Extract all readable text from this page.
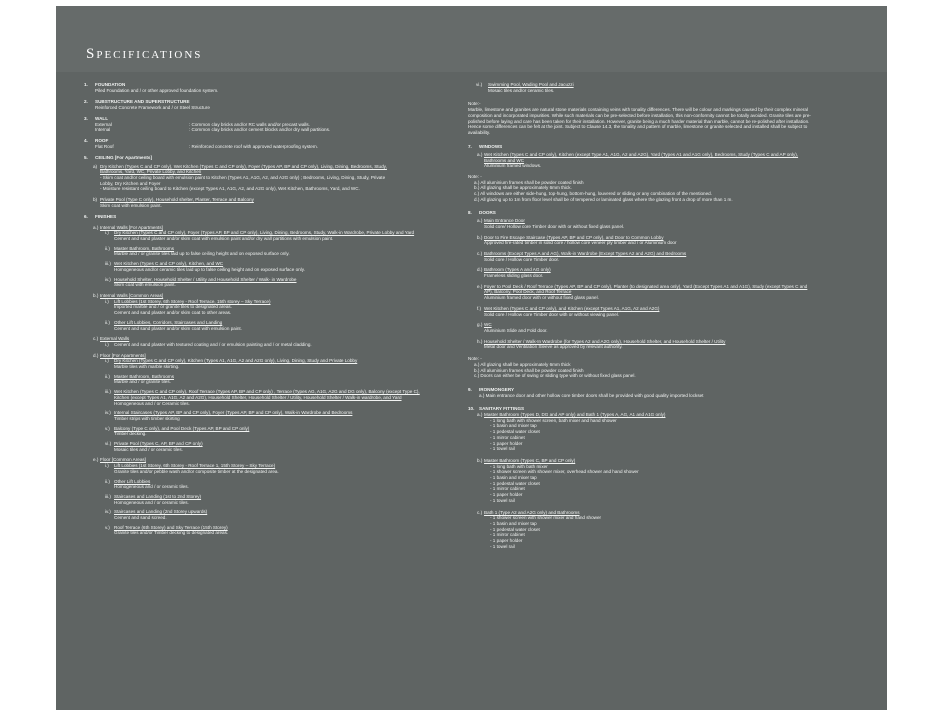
Specifications
1. FOUNDATION
Piled Foundation and / or other approved foundation system.
2. SUBSTRUCTURE AND SUPERSTRUCTURE
Reinforced Concrete Framework and / or Steel Structure
3. WALL
External	: Common clay bricks and/or RC walls and/or precast walls.
Internal	: Common clay bricks and/or cement blocks and/or dry wall partitions.
4. ROOF
Flat Roof	: Reinforced concrete roof with approved waterproofing system.
5. CEILING [For Apartments]
a) Dry Kitchen (Types C and CP only), Wet Kitchen (Types C and CP only), Foyer (Types AP, BP and CP only), Living, Dining, Bedrooms, Study,
Bathrooms, Yard, WC, Private Lobby, and Kitchen
- Skim coat and/or ceiling board with emulsion paint to Kitchen (Types A1, A1G, A2, and A2G only) ; Bedrooms, Living, Dining, Study, Private
Lobby, Dry Kitchen and Foyer
- Moisture resistant ceiling board to Kitchen (except Types A1, A1G, A2, and A2G only), Wet Kitchen, Bathrooms, Yard, and WC.
b) Private Pool (Type C only), Household shelter, Planter, Terrace and Balcony
Skim coat with emulsion paint.
6. FINISHES
a.) Internal Walls [For Apartments]
i.) Dry Kitchen (Types C and CP only), Foyer (Types AP, BP and CP only), Living, Dining, Bedrooms, Study, Walk-in Wardrobe, Private Lobby and Yard
Cement and sand plaster and/or skim coat with emulsion paint and/or dry wall partitions with emulsion paint.
ii.) Master Bathroom, Bathrooms
Marble and / or granite tiles laid up to false ceiling height and on exposed surface only.
iii.) Wet Kitchen (Types C and CP only), Kitchen, and WC
Homogeneous and/or ceramic tiles laid up to false ceiling height and on exposed surface only.
iv.) Household Shelter, Household Shelter / Utility and Household Shelter / Walk- in Wardrobe
Skim coat with emulsion paint.
b.) Internal Walls [Common Areas]
i.) Lift Lobbies (1st Storey, 6th Storey - Roof Terrace, 15th storey – Sky Terrace)
Imported marble and / or granite tiles to designated areas.
Cement and sand plaster and/or skim coat to other areas.
ii.) Other Lift Lobbies, Corridors, Staircases and Landing
Cement and sand plaster and/or skim coat with emulsion paint.
c.) External Walls
i.) Cement and sand plaster with textured coating and / or emulsion painting and / or metal cladding.
d.) Floor [For Apartments]
i.) Dry Kitchen (Types C and CP only), Kitchen (Types A1, A1G, A2 and A2G only), Living, Dining, Study and Private Lobby
Marble tiles with marble skirting.
ii.) Master Bathroom, Bathrooms
Marble and / or granite tiles.
iii.) Wet Kitchen (Types C and CP only), Roof Terrace (Types AP, BP and CP only) , Terrace (Types AG, A1G, A2G and DG only), Balcony (except Type C),
Kitchen (except Types A1, A1G, A2 and A2G), Household Shelter, Household Shelter / Utility, Household Shelter / Walk-in wardrobe, and Yard
Homogeneous and / or Ceramic tiles.
iv.) Internal Staircases (Types AP, BP and CP only), Foyer (Types AP, BP and CP only), Walk-in Wardrobe and Bedrooms
Timber strips with timber skirting
v.) Balcony (Type C only), and Pool Deck (Types AP, BP and CP only)
Timber decking.
vi.) Private Pool (Types C, AP, BP and CP only)
Mosaic tiles and / or ceramic tiles.
e.) Floor [Common Areas]
i.) Lift Lobbies (1st Storey, 6th Storey - Roof Terrace 1, 15th Storey – Sky Terrace)
Granite tiles and/or pebble wash and/or composite timber at the designated area.
ii.) Other Lift Lobbies
Homogeneous and / or ceramic tiles.
iii.) Staircases and Landing (1st to 2nd Storey)
Homogeneous and / or ceramic tiles.
iv.) Staircases and Landing (2nd Storey upwards)
Cement and sand screed.
v.) Roof Terrace (6th Storey) and Sky Terrace (15th Storey)
Granite tiles and/or Timber decking to designated areas.
vi.) Swimming Pool, Wading Pool and Jacuzzi
Mosaic tiles and/or ceramic tiles.
Note:-
Marble, limestone and granites are natural stone materials containing veins with tonality differences. There will be colour and markings caused by their complex mineral
composition and incorporated impurities. While such materials can be pre-selected before installation, this non-conformity cannot be totally avoided. Granite tiles are pre-
polished before laying and care has been taken for their installation. However, granite being a much harder material than marble, cannot be re-polished after installation.
Hence some differences can be felt at the joint. Subject to Clause 14.3, the tonality and pattern of marble, limestone or granite selected and installed shall be subject to
availability.
7. WINDOWS
a.) Wet Kitchen (Types C and CP only), Kitchen (except Type A1, A1G, A2 and A2G), Yard (Types A1 and A1G only), Bedrooms, Study (Types C and AP only),
Bathrooms and WC
Aluminium framed windows.
Note: -
a.) All aluminium frames shall be powder coated finish
b.) All glazing shall be approximately 6mm thick.
c.) All windows are either side-hung, top-hung, bottom-hung, louvered or sliding or any combination of the mentioned.
d.) All glazing up to 1m from floor level shall be of tempered or laminated glass where the glazing front a drop of more than 1 m.
8. DOORS
a.) Main Entrance Door
Solid core/ Hollow core Timber door with or without fixed glass panel.
b.) Door to Fire Escape Staircase (Types AP, BP and CP only), and Door to Common Lobby
Approved fire-rated timber in solid core / hollow core veneer ply timber and / or Aluminium door
c.) Bathrooms (Except Types A and AG), Walk-in Wardrobe (Except Types A2 and A2G) and Bedrooms
Solid core / Hollow core Timber door.
d.) Bathroom (Types A and AG only)
Frameless sliding glass door.
e.) Foyer to Pool Deck / Roof Terrace (Types AP, BP and CP only), Planter (to designated area only), Yard (Except Types A1 and A1G), Study (except Types C and
AP), Balcony, Pool Deck, and Roof Terrace
Aluminium framed door with or without fixed glass panel.
f.) Wet Kitchen (Types C and CP only), and Kitchen (except Types A1, A1G, A2 and A2G)
Solid core / Hollow core Timber door with or without viewing panel.
g.) WC
Aluminium Slide and Fold door.
h.) Household Shelter / Walk-In Wardrobe (for Types A2 and A2G only), Household Shelter, and Household Shelter / Utility
Metal door and Ventilation Sleeve as approved by relevant authority.
Note: -
a.) All glazing shall be approximately 6mm thick
b.) All aluminium frames shall be powder coated finish
c.) Doors can either be of swing or sliding type with or without fixed glass panel.
9. IRONMONGERY
a.) Main entrance door and other hollow core timber doors shall be provided with good quality imported lockset
10. SANITARY FITTINGS
a.) Master Bathroom (Types D, DG and AP only) and Bath 1 (Types A, AG, A1 and A1G only)
- 1 long bath with shower screen, bath mixer and hand shower
- 1 basin and mixer tap
- 1 pedestal water closet
- 1 mirror cabinet
- 1 paper holder
- 1 towel rail
b.) Master Bathroom (Types C, BP and CP only)
- 1 long bath with bath mixer
- 1 shower screen with shower mixer, overhead shower and hand shower
- 1 basin and mixer tap
- 1 pedestal water closet
- 1 mirror cabinet
- 1 paper holder
- 1 towel rail
c.) Bath 1 (Type A2 and A2G only) and Bathrooms
- 1 shower screen with shower mixer and hand shower
- 1 basin and mixer tap
- 1 pedestal water closet
- 1 mirror cabinet
- 1 paper holder
- 1 towel rail
